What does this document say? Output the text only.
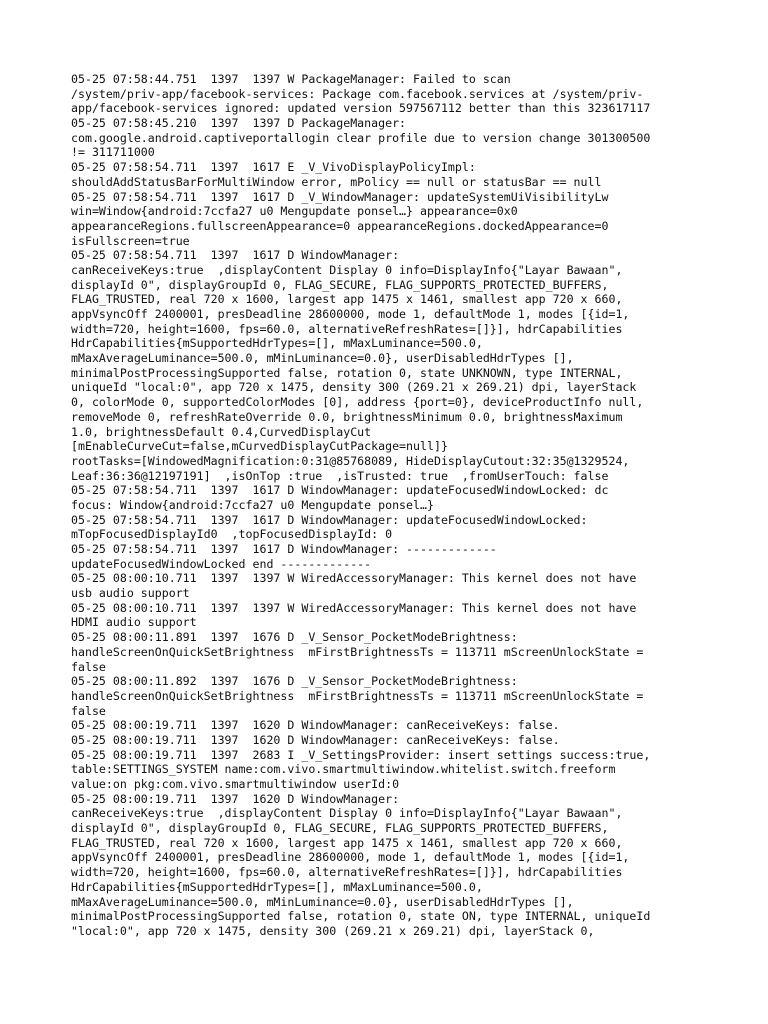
05-25 07:58:44.751  1397  1397 W PackageManager: Failed to scan
/system/priv-app/facebook-services: Package com.facebook.services at /system/priv-
app/facebook-services ignored: updated version 597567112 better than this 323617117
05-25 07:58:45.210  1397  1397 D PackageManager:
com.google.android.captiveportallogin clear profile due to version change 301300500
!= 311711000
05-25 07:58:54.711  1397  1617 E _V_VivoDisplayPolicyImpl:
shouldAddStatusBarForMultiWindow error, mPolicy == null or statusBar == null
05-25 07:58:54.711  1397  1617 D _V_WindowManager: updateSystemUiVisibilityLw
win=Window{android:7ccfa27 u0 Mengupdate ponsel…} appearance=0x0
appearanceRegions.fullscreenAppearance=0 appearanceRegions.dockedAppearance=0
isFullscreen=true
05-25 07:58:54.711  1397  1617 D WindowManager:
canReceiveKeys:true  ,displayContent Display 0 info=DisplayInfo{"Layar Bawaan",
displayId 0", displayGroupId 0, FLAG_SECURE, FLAG_SUPPORTS_PROTECTED_BUFFERS,
FLAG_TRUSTED, real 720 x 1600, largest app 1475 x 1461, smallest app 720 x 660,
appVsyncOff 2400001, presDeadline 28600000, mode 1, defaultMode 1, modes [{id=1,
width=720, height=1600, fps=60.0, alternativeRefreshRates=[]}], hdrCapabilities
HdrCapabilities{mSupportedHdrTypes=[], mMaxLuminance=500.0,
mMaxAverageLuminance=500.0, mMinLuminance=0.0}, userDisabledHdrTypes [],
minimalPostProcessingSupported false, rotation 0, state UNKNOWN, type INTERNAL,
uniqueId "local:0", app 720 x 1475, density 300 (269.21 x 269.21) dpi, layerStack
0, colorMode 0, supportedColorModes [0], address {port=0}, deviceProductInfo null,
removeMode 0, refreshRateOverride 0.0, brightnessMinimum 0.0, brightnessMaximum
1.0, brightnessDefault 0.4,CurvedDisplayCut
[mEnableCurveCut=false,mCurvedDisplayCutPackage=null]}
rootTasks=[WindowedMagnification:0:31@85768089, HideDisplayCutout:32:35@1329524,
Leaf:36:36@12197191]  ,isOnTop :true  ,isTrusted: true  ,fromUserTouch: false
05-25 07:58:54.711  1397  1617 D WindowManager: updateFocusedWindowLocked: dc
focus: Window{android:7ccfa27 u0 Mengupdate ponsel…}
05-25 07:58:54.711  1397  1617 D WindowManager: updateFocusedWindowLocked:
mTopFocusedDisplayId0  ,topFocusedDisplayId: 0
05-25 07:58:54.711  1397  1617 D WindowManager: -------------
updateFocusedWindowLocked end -------------
05-25 08:00:10.711  1397  1397 W WiredAccessoryManager: This kernel does not have
usb audio support
05-25 08:00:10.711  1397  1397 W WiredAccessoryManager: This kernel does not have
HDMI audio support
05-25 08:00:11.891  1397  1676 D _V_Sensor_PocketModeBrightness:
handleScreenOnQuickSetBrightness  mFirstBrightnessTs = 113711 mScreenUnlockState =
false
05-25 08:00:11.892  1397  1676 D _V_Sensor_PocketModeBrightness:
handleScreenOnQuickSetBrightness  mFirstBrightnessTs = 113711 mScreenUnlockState =
false
05-25 08:00:19.711  1397  1620 D WindowManager: canReceiveKeys: false.
05-25 08:00:19.711  1397  1620 D WindowManager: canReceiveKeys: false.
05-25 08:00:19.711  1397  2683 I _V_SettingsProvider: insert settings success:true,
table:SETTINGS_SYSTEM name:com.vivo.smartmultiwindow.whitelist.switch.freeform
value:on pkg:com.vivo.smartmultiwindow userId:0
05-25 08:00:19.711  1397  1620 D WindowManager:
canReceiveKeys:true  ,displayContent Display 0 info=DisplayInfo{"Layar Bawaan",
displayId 0", displayGroupId 0, FLAG_SECURE, FLAG_SUPPORTS_PROTECTED_BUFFERS,
FLAG_TRUSTED, real 720 x 1600, largest app 1475 x 1461, smallest app 720 x 660,
appVsyncOff 2400001, presDeadline 28600000, mode 1, defaultMode 1, modes [{id=1,
width=720, height=1600, fps=60.0, alternativeRefreshRates=[]}], hdrCapabilities
HdrCapabilities{mSupportedHdrTypes=[], mMaxLuminance=500.0,
mMaxAverageLuminance=500.0, mMinLuminance=0.0}, userDisabledHdrTypes [],
minimalPostProcessingSupported false, rotation 0, state ON, type INTERNAL, uniqueId
"local:0", app 720 x 1475, density 300 (269.21 x 269.21) dpi, layerStack 0,
